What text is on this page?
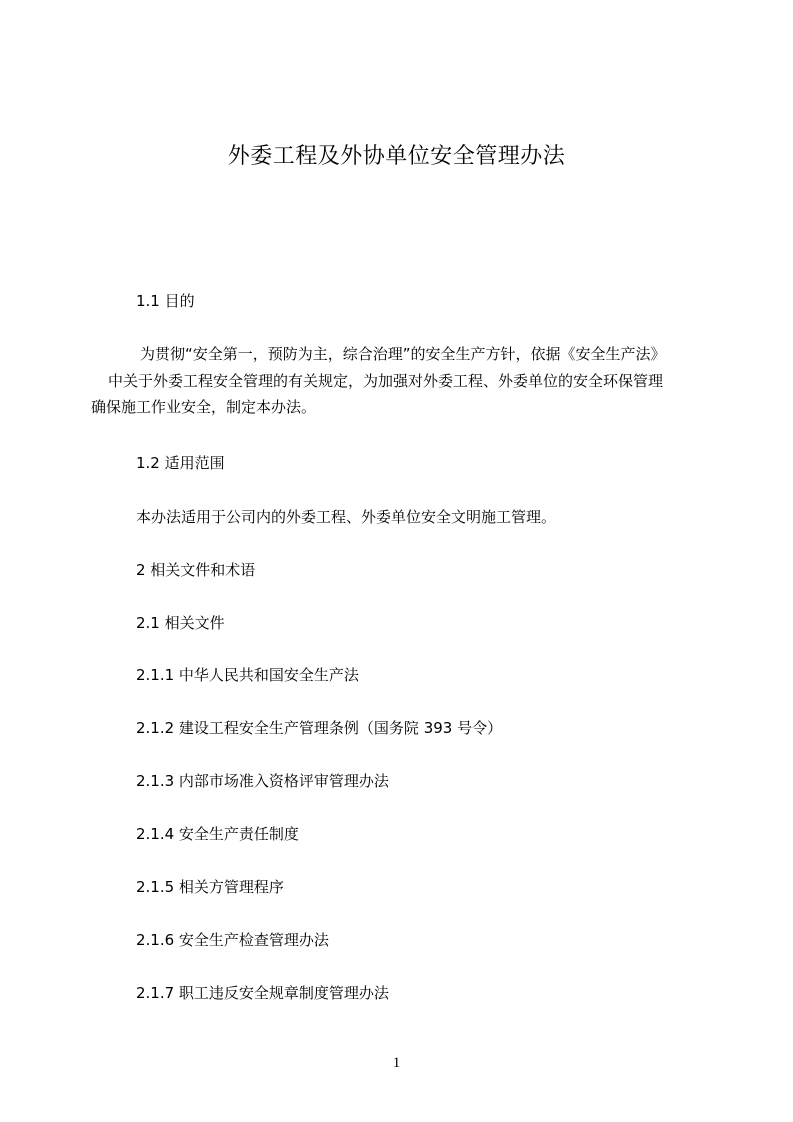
外委工程及外协单位安全管理办法
1.1 目的
为贯彻“安全第一，预防为主，综合治理”的安全生产方针，依据《安全生产法》
中关于外委工程安全管理的有关规定，为加强对外委工程、外委单位的安全环保管理
确保施工作业安全，制定本办法。
1.2 适用范围
本办法适用于公司内的外委工程、外委单位安全文明施工管理。
2 相关文件和术语
2.1 相关文件
2.1.1 中华人民共和国安全生产法
2.1.2 建设工程安全生产管理条例（国务院 393 号令）
2.1.3 内部市场准入资格评审管理办法
2.1.4 安全生产责任制度
2.1.5 相关方管理程序
2.1.6 安全生产检查管理办法
2.1.7 职工违反安全规章制度管理办法
1
